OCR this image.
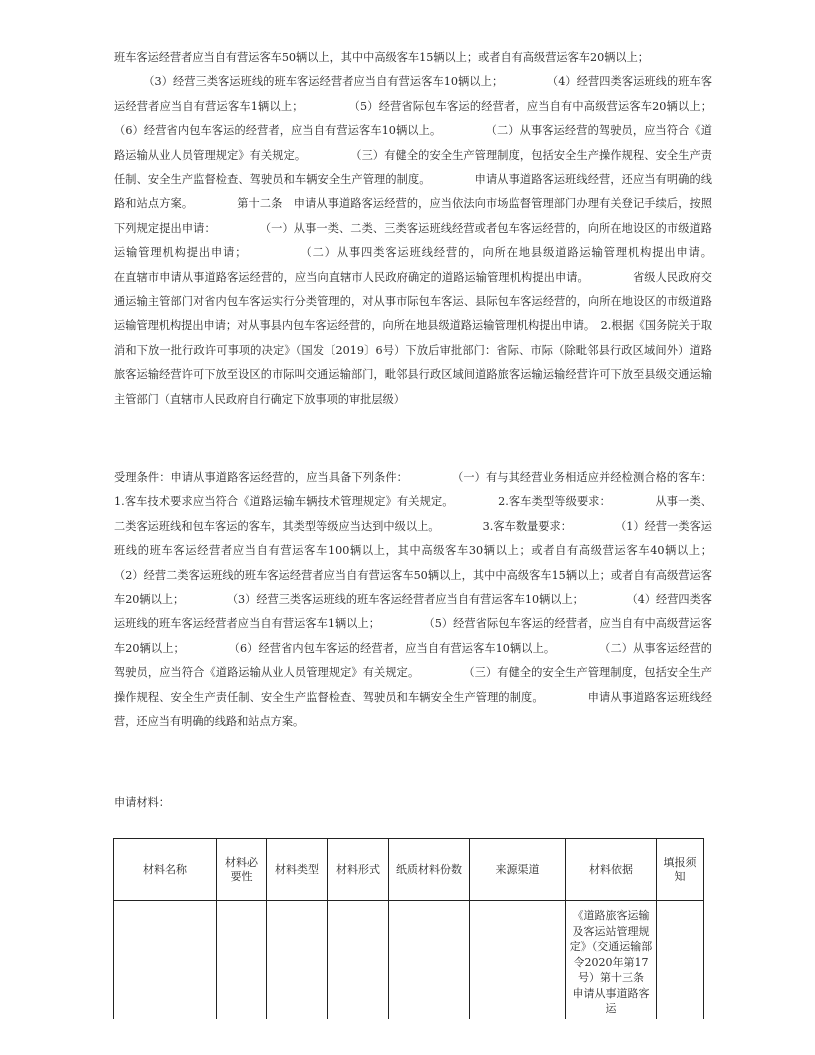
班车客运经营者应当自有营运客车50辆以上，其中中高级客车15辆以上；或者自有高级营运客车20辆以上；
（3）经营三类客运班线的班车客运经营者应当自有营运客车10辆以上；            （4）经营四类客运班线的班车客运经营者应当自有营运客车1辆以上；            （5）经营省际包车客运的经营者，应当自有中高级营运客车20辆以上；            （6）经营省内包车客运的经营者，应当自有营运客车10辆以上。            （二）从事客运经营的驾驶员，应当符合《道路运输从业人员管理规定》有关规定。            （三）有健全的安全生产管理制度，包括安全生产操作规程、安全生产责任制、安全生产监督检查、驾驶员和车辆安全生产管理的制度。            申请从事道路客运班线经营，还应当有明确的线路和站点方案。            第十二条　申请从事道路客运经营的，应当依法向市场监督管理部门办理有关登记手续后，按照下列规定提出申请：            （一）从事一类、二类、三类客运班线经营或者包车客运经营的，向所在地设区的市级道路运输管理机构提出申请；            （二）从事四类客运班线经营的，向所在地县级道路运输管理机构提出申请。            在直辖市申请从事道路客运经营的，应当向直辖市人民政府确定的道路运输管理机构提出申请。            省级人民政府交通运输主管部门对省内包车客运实行分类管理的，对从事市际包车客运、县际包车客运经营的，向所在地设区的市级道路运输管理机构提出申请；对从事县内包车客运经营的，向所在地县级道路运输管理机构提出申请。　2.根据《国务院关于取消和下放一批行政许可事项的决定》（国发〔2019〕6号）下放后审批部门：省际、市际（除毗邻县行政区域间外）道路旅客运输经营许可下放至设区的市际叫交通运输部门，毗邻县行政区域间道路旅客运输运输经营许可下放至县级交通运输主管部门（直辖市人民政府自行确定下放事项的审批层级）
受理条件：申请从事道路客运经营的，应当具备下列条件：            （一）有与其经营业务相适应并经检测合格的客车：            1.客车技术要求应当符合《道路运输车辆技术管理规定》有关规定。            2.客车类型等级要求：            从事一类、二类客运班线和包车客运的客车，其类型等级应当达到中级以上。            3.客车数量要求：            （1）经营一类客运班线的班车客运经营者应当自有营运客车100辆以上，其中高级客车30辆以上；或者自有高级营运客车40辆以上；            （2）经营二类客运班线的班车客运经营者应当自有营运客车50辆以上，其中中高级客车15辆以上；或者自有高级营运客车20辆以上；            （3）经营三类客运班线的班车客运经营者应当自有营运客车10辆以上；            （4）经营四类客运班线的班车客运经营者应当自有营运客车1辆以上；            （5）经营省际包车客运的经营者，应当自有中高级营运客车20辆以上；            （6）经营省内包车客运的经营者，应当自有营运客车10辆以上。            （二）从事客运经营的驾驶员，应当符合《道路运输从业人员管理规定》有关规定。            （三）有健全的安全生产管理制度，包括安全生产操作规程、安全生产责任制、安全生产监督检查、驾驶员和车辆安全生产管理的制度。            申请从事道路客运班线经营，还应当有明确的线路和站点方案。
申请材料：
材料名称	材料必要性	材料类型	材料形式	纸质材料份数	来源渠道	材料依据	填报须知
						《道路旅客运输及客运站管理规定》（交通运输部令2020年第17号）第十三条　申请从事道路客运	
